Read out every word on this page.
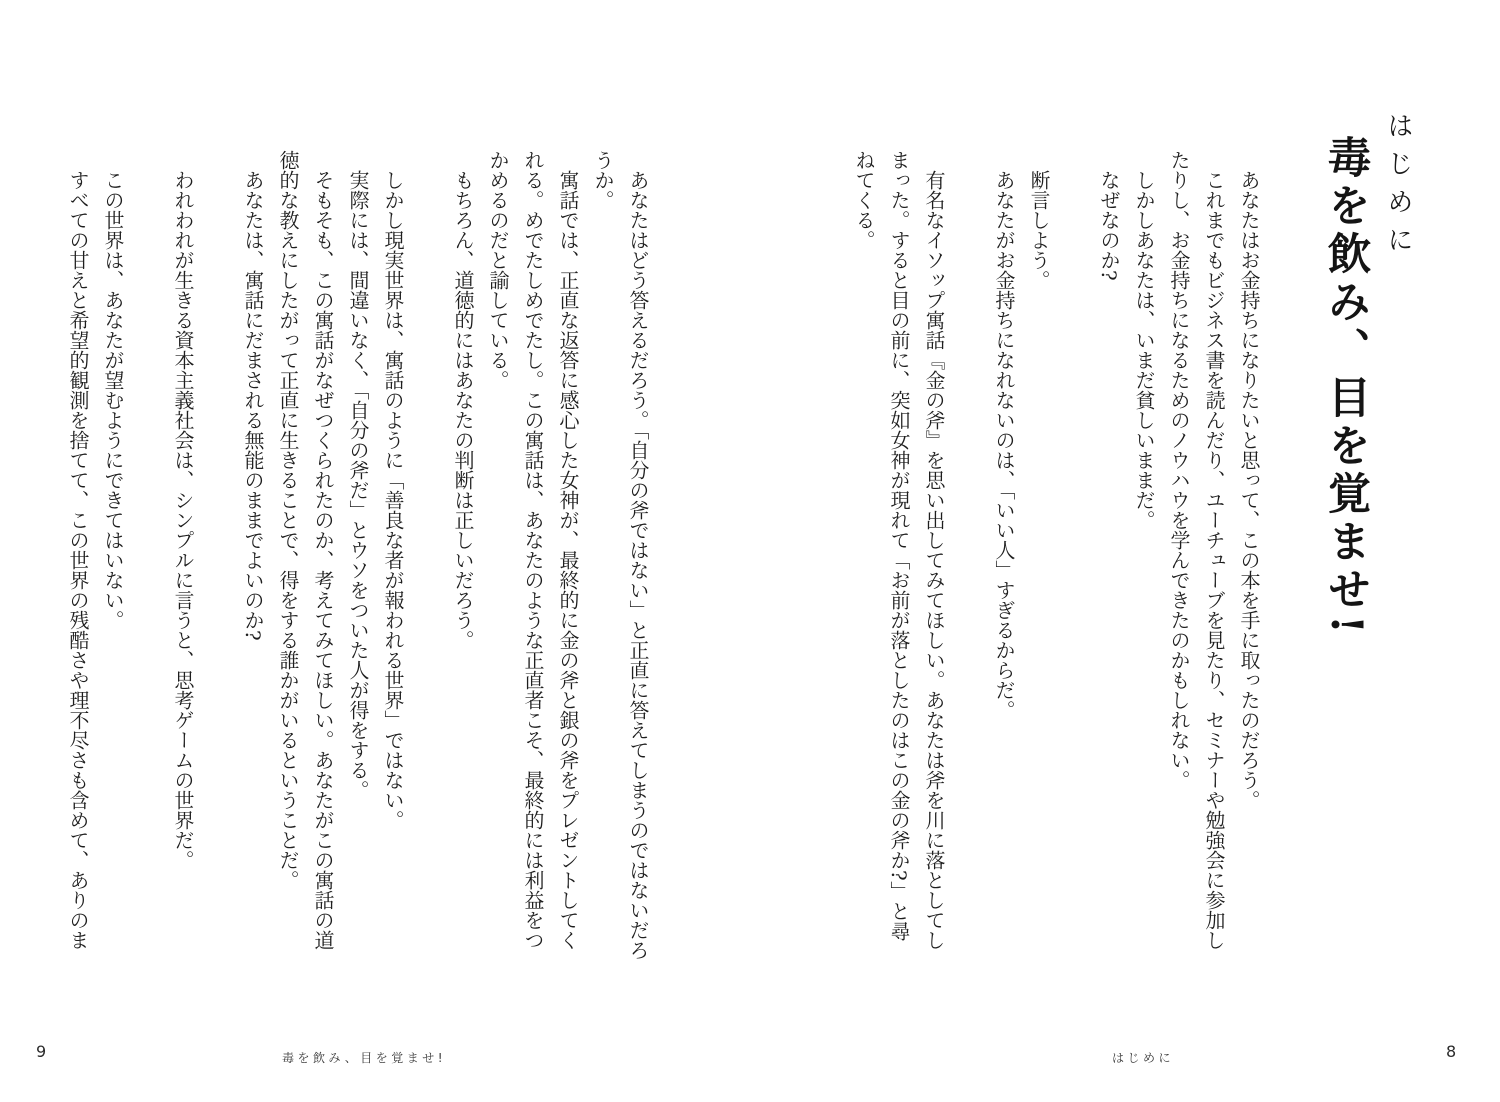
あなたはどう答えるだろう。「自分の斧ではない」と正直に答えてしまうのではないだろうか。

寓話では、正直な返答に感心した女神が、最終的に金の斧と銀の斧をプレゼントしてくれる。めでたしめでたし。この寓話は、あなたのような正直者こそ、最終的には利益をつかめるのだと諭している。

もちろん、道徳的にはあなたの判断は正しいだろう。

しかし現実世界は、寓話のように「善良な者が報われる世界」ではない。

実際には、間違いなく、「自分の斧だ」とウソをついた人が得をする。

そもそも、この寓話がなぜつくられたのか、考えてみてほしい。あなたがこの寓話の道徳的な教えにしたがって正直に生きることで、得をする誰かがいるということだ。

あなたは、寓話にだまされる無能のままでよいのか?

われわれが生きる資本主義社会は、シンプルに言うと、思考ゲームの世界だ。

この世界は、あなたが望むようにできてはいない。

すべての甘えと希望的観測を捨てて、この世界の残酷さや理不尽さも含めて、ありのま

9	毒を飲み、目を覚ませ!
はじめに
毒を飲み、目を覚ませ!

あなたはお金持ちになりたいと思って、この本を手に取ったのだろう。

これまでもビジネス書を読んだり、ユーチューブを見たり、セミナーや勉強会に参加したりし、お金持ちになるためのノウハウを学んできたのかもしれない。

しかしあなたは、いまだ貧しいままだ。

なぜなのか?

断言しよう。

あなたがお金持ちになれないのは、「いい人」すぎるからだ。

有名なイソップ寓話『金の斧』を思い出してみてほしい。あなたは斧を川に落としてしまった。すると目の前に、突如女神が現れて「お前が落としたのはこの金の斧か?」と尋ねてくる。

はじめに	8
